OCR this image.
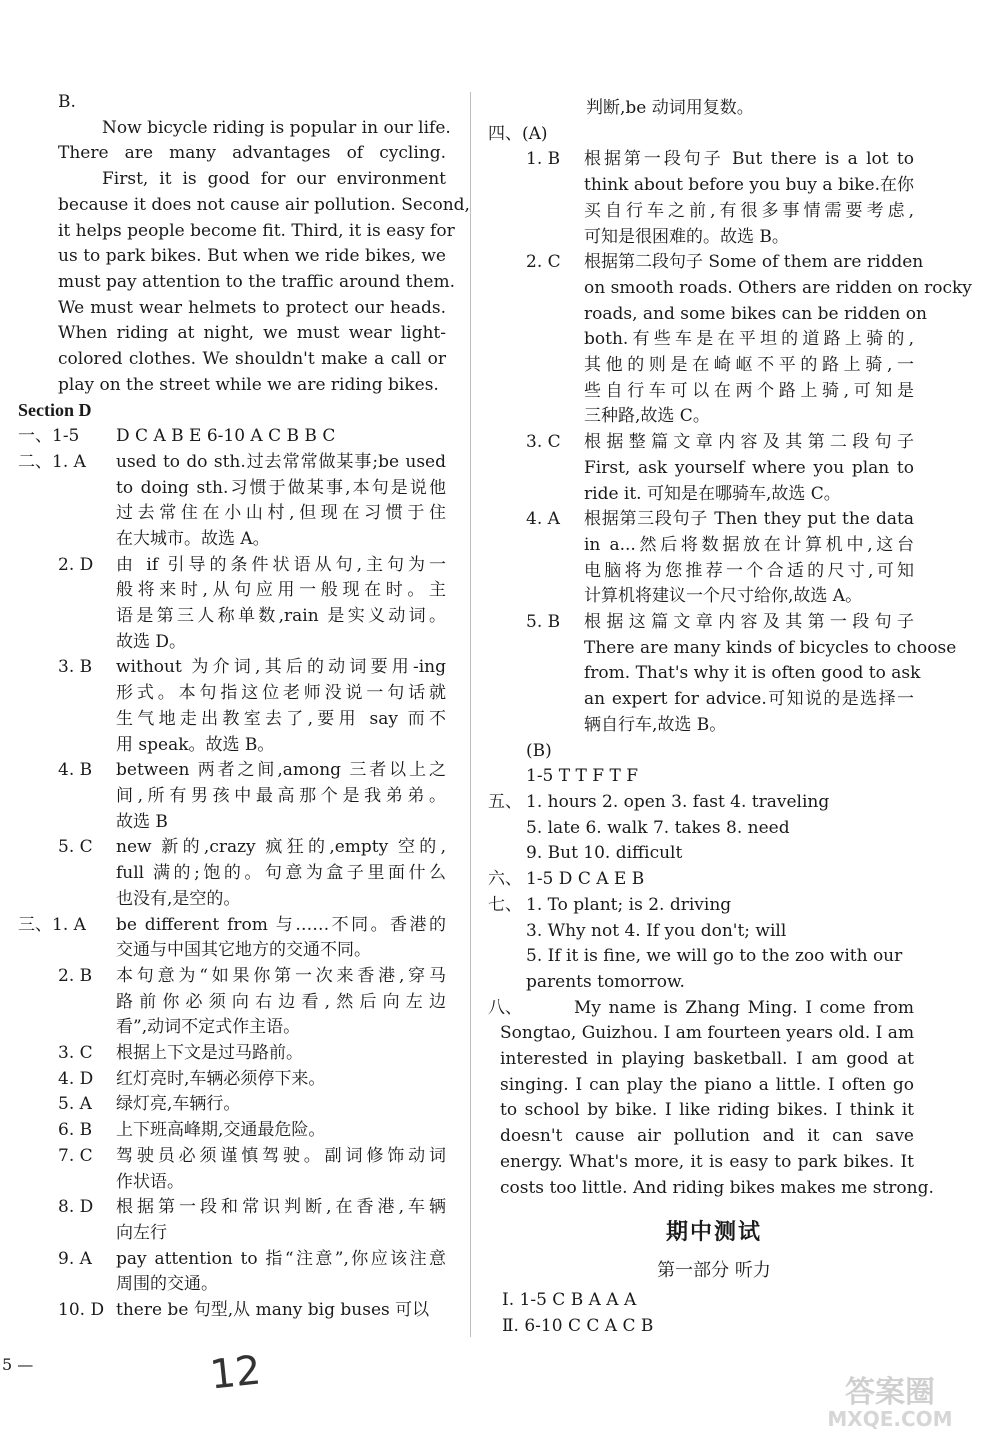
B.
Now bicycle riding is popular in our life.
There are many advantages of cycling.
First, it is good for our environment
because it does not cause air pollution. Second,
it helps people become fit. Third, it is easy for
us to park bikes. But when we ride bikes, we
must pay attention to the traffic around them.
We must wear helmets to protect our heads.
When riding at night, we must wear light-
colored clothes. We shouldn't make a call or
play on the street while we are riding bikes.
Section D
一、1-5 D C A B E 6-10 A C B B C
二、1. A used to do sth.过去常常做某事;be used
to doing sth.习惯于做某事,本句是说他
过去常住在小山村,但现在习惯于住
在大城市。故选 A。
2. D 由 if 引导的条件状语从句,主句为一
般将来时,从句应用一般现在时。主
语是第三人称单数,rain 是实义动词。
故选 D。
3. B without 为介词,其后的动词要用-ing
形式。本句指这位老师没说一句话就
生气地走出教室去了,要用 say 而不
用 speak。故选 B。
4. B between 两者之间,among 三者以上之
间,所有男孩中最高那个是我弟弟。
故选 B
5. C new 新的,crazy 疯狂的,empty 空的,
full 满的;饱的。句意为盒子里面什么
也没有,是空的。
三、1. A be different from 与……不同。香港的
交通与中国其它地方的交通不同。
2. B 本句意为“如果你第一次来香港,穿马
路前你必须向右边看,然后向左边
看”,动词不定式作主语。
3. C 根据上下文是过马路前。
4. D 红灯亮时,车辆必须停下来。
5. A 绿灯亮,车辆行。
6. B 上下班高峰期,交通最危险。
7. C 驾驶员必须谨慎驾驶。副词修饰动词
作状语。
8. D 根据第一段和常识判断,在香港,车辆
向左行
9. A pay attention to 指“注意”,你应该注意
周围的交通。
10. D there be 句型,从 many big buses 可以
判断,be 动词用复数。
四、(A)
1. B 根据第一段句子 But there is a lot to
think about before you buy a bike.在你
买自行车之前,有很多事情需要考虑,
可知是很困难的。故选 B。
2. C 根据第二段句子 Some of them are ridden
on smooth roads. Others are ridden on rocky
roads, and some bikes can be ridden on
both.有些车是在平坦的道路上骑的,
其他的则是在崎岖不平的路上骑,一
些自行车可以在两个路上骑,可知是
三种路,故选 C。
3. C 根据整篇文章内容及其第二段句子
First, ask yourself where you plan to
ride it. 可知是在哪骑车,故选 C。
4. A 根据第三段句子 Then they put the data
in a...然后将数据放在计算机中,这台
电脑将为您推荐一个合适的尺寸,可知
计算机将建议一个尺寸给你,故选 A。
5. B 根据这篇文章内容及其第一段句子
There are many kinds of bicycles to choose
from. That's why it is often good to ask
an expert for advice.可知说的是选择一
辆自行车,故选 B。
(B)
1-5 T T F T F
五、 1. hours 2. open 3. fast 4. traveling
5. late 6. walk 7. takes 8. need
9. But 10. difficult
六、 1-5 D C A E B
七、 1. To plant; is 2. driving
3. Why not 4. If you don't; will
5. If it is fine, we will go to the zoo with our
parents tomorrow.
八、	My name is Zhang Ming. I come from
Songtao, Guizhou. I am fourteen years old. I am
interested in playing basketball. I am good at
singing. I can play the piano a little. I often go
to school by bike. I like riding bikes. I think it
doesn't cause air pollution and it can save
energy. What's more, it is easy to park bikes. It
costs too little. And riding bikes makes me strong.
期中测试
第一部分 听力
Ⅰ. 1-5 C B A A A
Ⅱ. 6-10 C C A C B
5 —	12	答案圈
MXQE.COM
